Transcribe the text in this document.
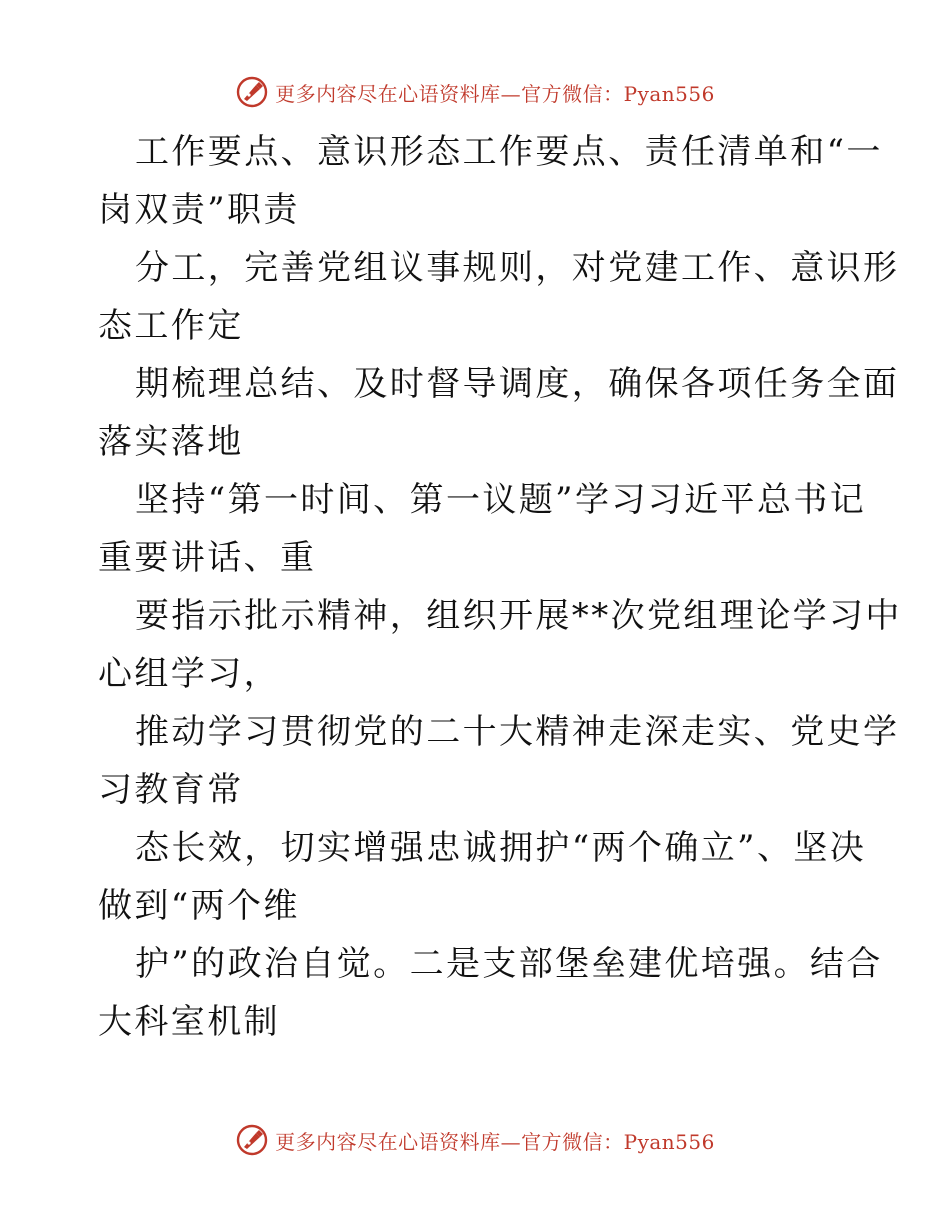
更多内容尽在心语资料库—官方微信：Pyan556
工作要点、意识形态工作要点、责任清单和“一
岗双责”职责
分工，完善党组议事规则，对党建工作、意识形
态工作定
期梳理总结、及时督导调度，确保各项任务全面
落实落地
坚持“第一时间、第一议题”学习习近平总书记
重要讲话、重
要指示批示精神，组织开展**次党组理论学习中
心组学习，
推动学习贯彻党的二十大精神走深走实、党史学
习教育常
态长效，切实增强忠诚拥护“两个确立”、坚决
做到“两个维
护”的政治自觉。二是支部堡垒建优培强。结合
大科室机制
更多内容尽在心语资料库—官方微信：Pyan556
